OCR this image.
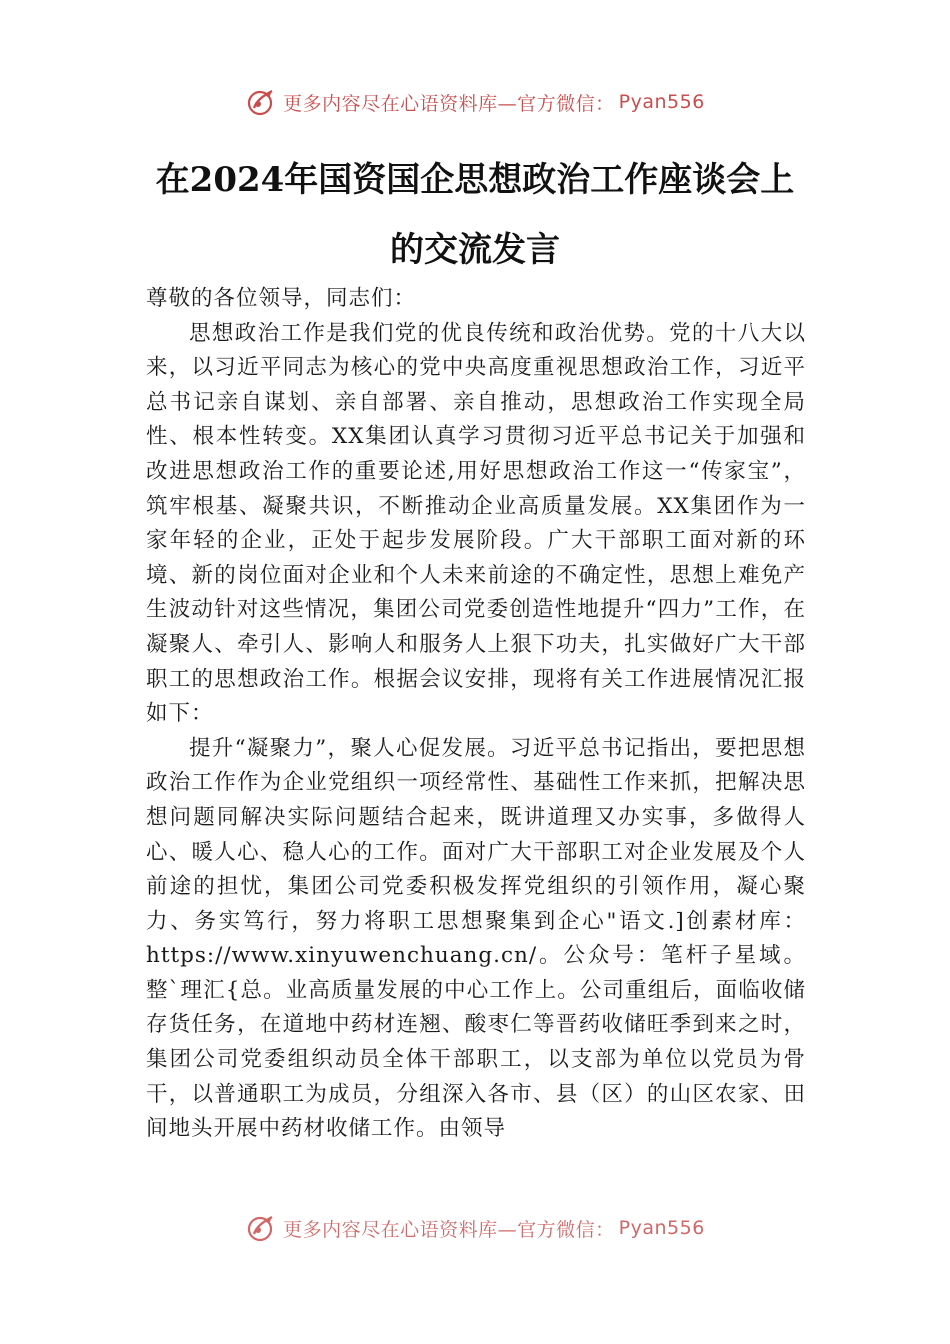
更多内容尽在心语资料库—官方微信： Pyan556
在2024年国资国企思想政治工作座谈会上
的交流发言

尊敬的各位领导，同志们：

思想政治工作是我们党的优良传统和政治优势。党的十八大以来，以习近平同志为核心的党中央高度重视思想政治工作，习近平总书记亲自谋划、亲自部署、亲自推动，思想政治工作实现全局性、根本性转变。XX集团认真学习贯彻习近平总书记关于加强和改进思想政治工作的重要论述,用好思想政治工作这一“传家宝”，筑牢根基、凝聚共识，不断推动企业高质量发展。XX集团作为一家年轻的企业，正处于起步发展阶段。广大干部职工面对新的环境、新的岗位面对企业和个人未来前途的不确定性，思想上难免产生波动针对这些情况，集团公司党委创造性地提升“四力”工作，在凝聚人、牵引人、影响人和服务人上狠下功夫，扎实做好广大干部职工的思想政治工作。根据会议安排，现将有关工作进展情况汇报如下：

提升“凝聚力”，聚人心促发展。习近平总书记指出，要把思想政治工作作为企业党组织一项经常性、基础性工作来抓，把解决思想问题同解决实际问题结合起来，既讲道理又办实事，多做得人心、暖人心、稳人心的工作。面对广大干部职工对企业发展及个人前途的担忧，集团公司党委积极发挥党组织的引领作用，凝心聚力、务实笃行，努力将职工思想聚集到企心"语文.]创素材库：https://www.xinyuwenchuang.cn/。公众号：笔杆子星域。整`理汇{总。业高质量发展的中心工作上。公司重组后，面临收储存货任务，在道地中药材连翘、酸枣仁等晋药收储旺季到来之时，集团公司党委组织动员全体干部职工，以支部为单位以党员为骨干，以普通职工为成员，分组深入各市、县（区）的山区农家、田间地头开展中药材收储工作。由领导

更多内容尽在心语资料库—官方微信： Pyan556
